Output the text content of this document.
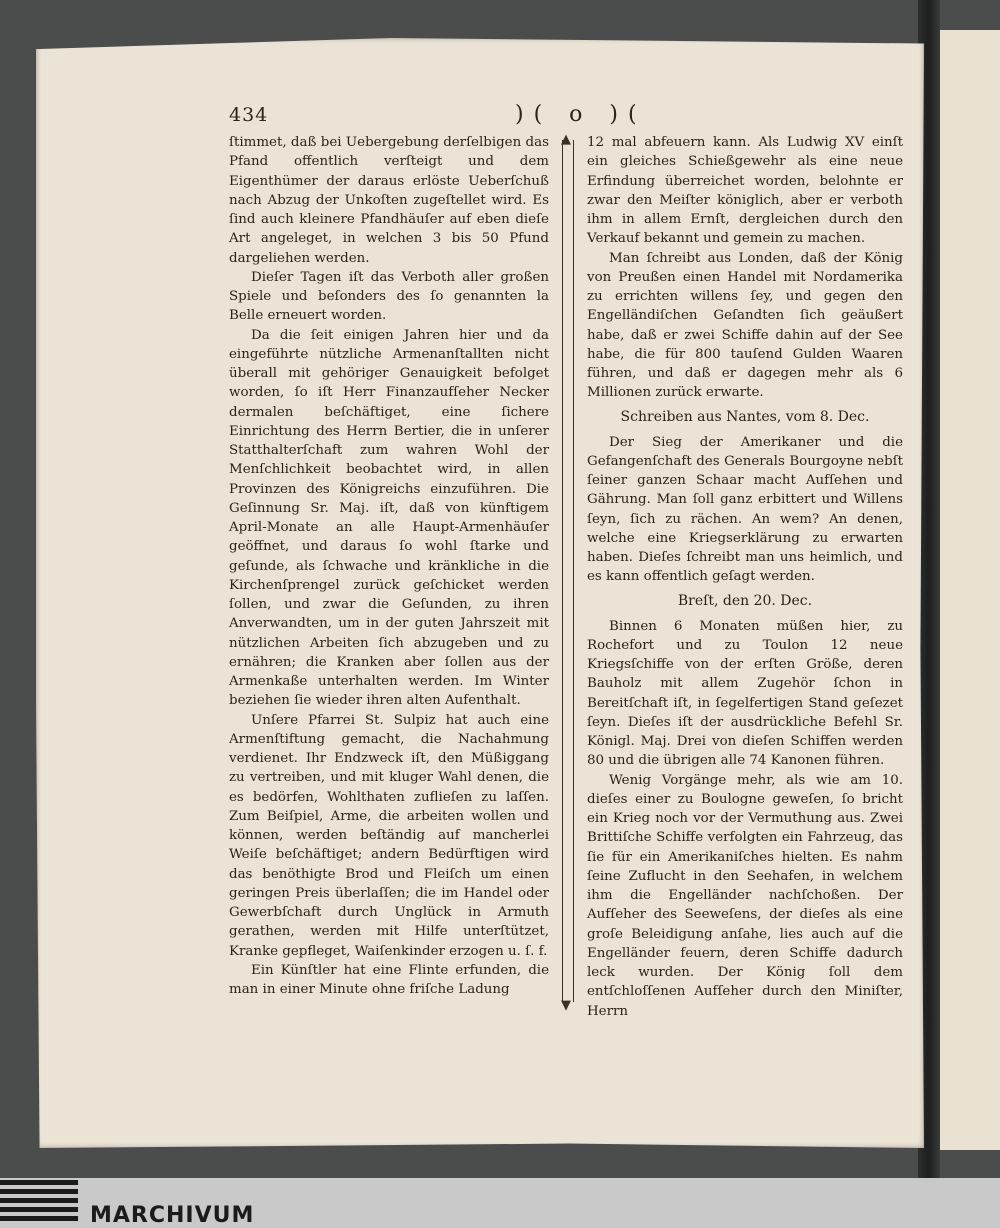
434	)( o )(

ſtimmet, daß bei Uebergebung derſelbigen das Pfand offentlich verſteigt und dem Eigenthümer der daraus erlöste Ueberſchuß nach Abzug der Unkoſten zugeſtellet wird. Es ſind auch kleinere Pfandhäuſer auf eben dieſe Art angeleget, in welchen 3 bis 50 Pfund dargeliehen werden.

Dieſer Tagen iſt das Verboth aller großen Spiele und beſonders des ſo genannten la Belle erneuert worden.

Da die ſeit einigen Jahren hier und da eingeführte nützliche Armenanſtallten nicht überall mit gehöriger Genauigkeit befolget worden, ſo iſt Herr Finanzaufſeher Necker dermalen beſchäftiget, eine ſichere Einrichtung des Herrn Bertier, die in unſerer Statthalterſchaft zum wahren Wohl der Menſchlichkeit beobachtet wird, in allen Provinzen des Königreichs einzuführen. Die Geſinnung Sr. Maj. iſt, daß von künftigem April-Monate an alle Haupt-Armenhäuſer geöffnet, und daraus ſo wohl ſtarke und geſunde, als ſchwache und kränkliche in die Kirchenſprengel zurück geſchicket werden ſollen, und zwar die Geſunden, zu ihren Anverwandten, um in der guten Jahrszeit mit nützlichen Arbeiten ſich abzugeben und zu ernähren; die Kranken aber ſollen aus der Armenkaße unterhalten werden. Im Winter beziehen ſie wieder ihren alten Aufenthalt.

Unſere Pfarrei St. Sulpiz hat auch eine Armenſtiftung gemacht, die Nachahmung verdienet. Ihr Endzweck iſt, den Müßiggang zu vertreiben, und mit kluger Wahl denen, die es bedörfen, Wohlthaten zuflieſen zu laſſen. Zum Beiſpiel, Arme, die arbeiten wollen und können, werden beſtändig auf mancherlei Weiſe beſchäftiget; andern Bedürftigen wird das benöthigte Brod und Fleiſch um einen geringen Preis überlaſſen; die im Handel oder Gewerbſchaft durch Unglück in Armuth gerathen, werden mit Hilfe unterſtützet, Kranke gepfleget, Waiſenkinder erzogen u. ſ. f.

Ein Künſtler hat eine Flinte erfunden, die man in einer Minute ohne friſche Ladung

▲
▼

12 mal abfeuern kann. Als Ludwig XV einſt ein gleiches Schießgewehr als eine neue Erfindung überreichet worden, belohnte er zwar den Meiſter königlich, aber er verboth ihm in allem Ernſt, dergleichen durch den Verkauf bekannt und gemein zu machen.

Man ſchreibt aus Londen, daß der König von Preußen einen Handel mit Nordamerika zu errichten willens ſey, und gegen den Engelländiſchen Geſandten ſich geäußert habe, daß er zwei Schiffe dahin auf der See habe, die für 800 tauſend Gulden Waaren führen, und daß er dagegen mehr als 6 Millionen zurück erwarte.

Schreiben aus Nantes, vom 8. Dec.

Der Sieg der Amerikaner und die Gefangenſchaft des Generals Bourgoyne nebſt ſeiner ganzen Schaar macht Aufſehen und Gährung. Man ſoll ganz erbittert und Willens ſeyn, ſich zu rächen. An wem? An denen, welche eine Kriegserklärung zu erwarten haben. Dieſes ſchreibt man uns heimlich, und es kann offentlich geſagt werden.

Breſt, den 20. Dec.

Binnen 6 Monaten müßen hier, zu Rochefort und zu Toulon 12 neue Kriegsſchiffe von der erſten Größe, deren Bauholz mit allem Zugehör ſchon in Bereitſchaft iſt, in ſegelfertigen Stand geſezet ſeyn. Dieſes iſt der ausdrückliche Befehl Sr. Königl. Maj. Drei von dieſen Schiffen werden 80 und die übrigen alle 74 Kanonen führen.

Wenig Vorgänge mehr, als wie am 10. dieſes einer zu Boulogne geweſen, ſo bricht ein Krieg noch vor der Vermuthung aus. Zwei Brittiſche Schiffe verfolgten ein Fahrzeug, das ſie für ein Amerikaniſches hielten. Es nahm ſeine Zuflucht in den Seehafen, in welchem ihm die Engelländer nachſchoßen. Der Aufſeher des Seeweſens, der dieſes als eine groſe Beleidigung anſahe, lies auch auf die Engelländer feuern, deren Schiffe dadurch leck wurden. Der König ſoll dem entſchloſſenen Aufſeher durch den Miniſter, Herrn

MARCHIVUM
